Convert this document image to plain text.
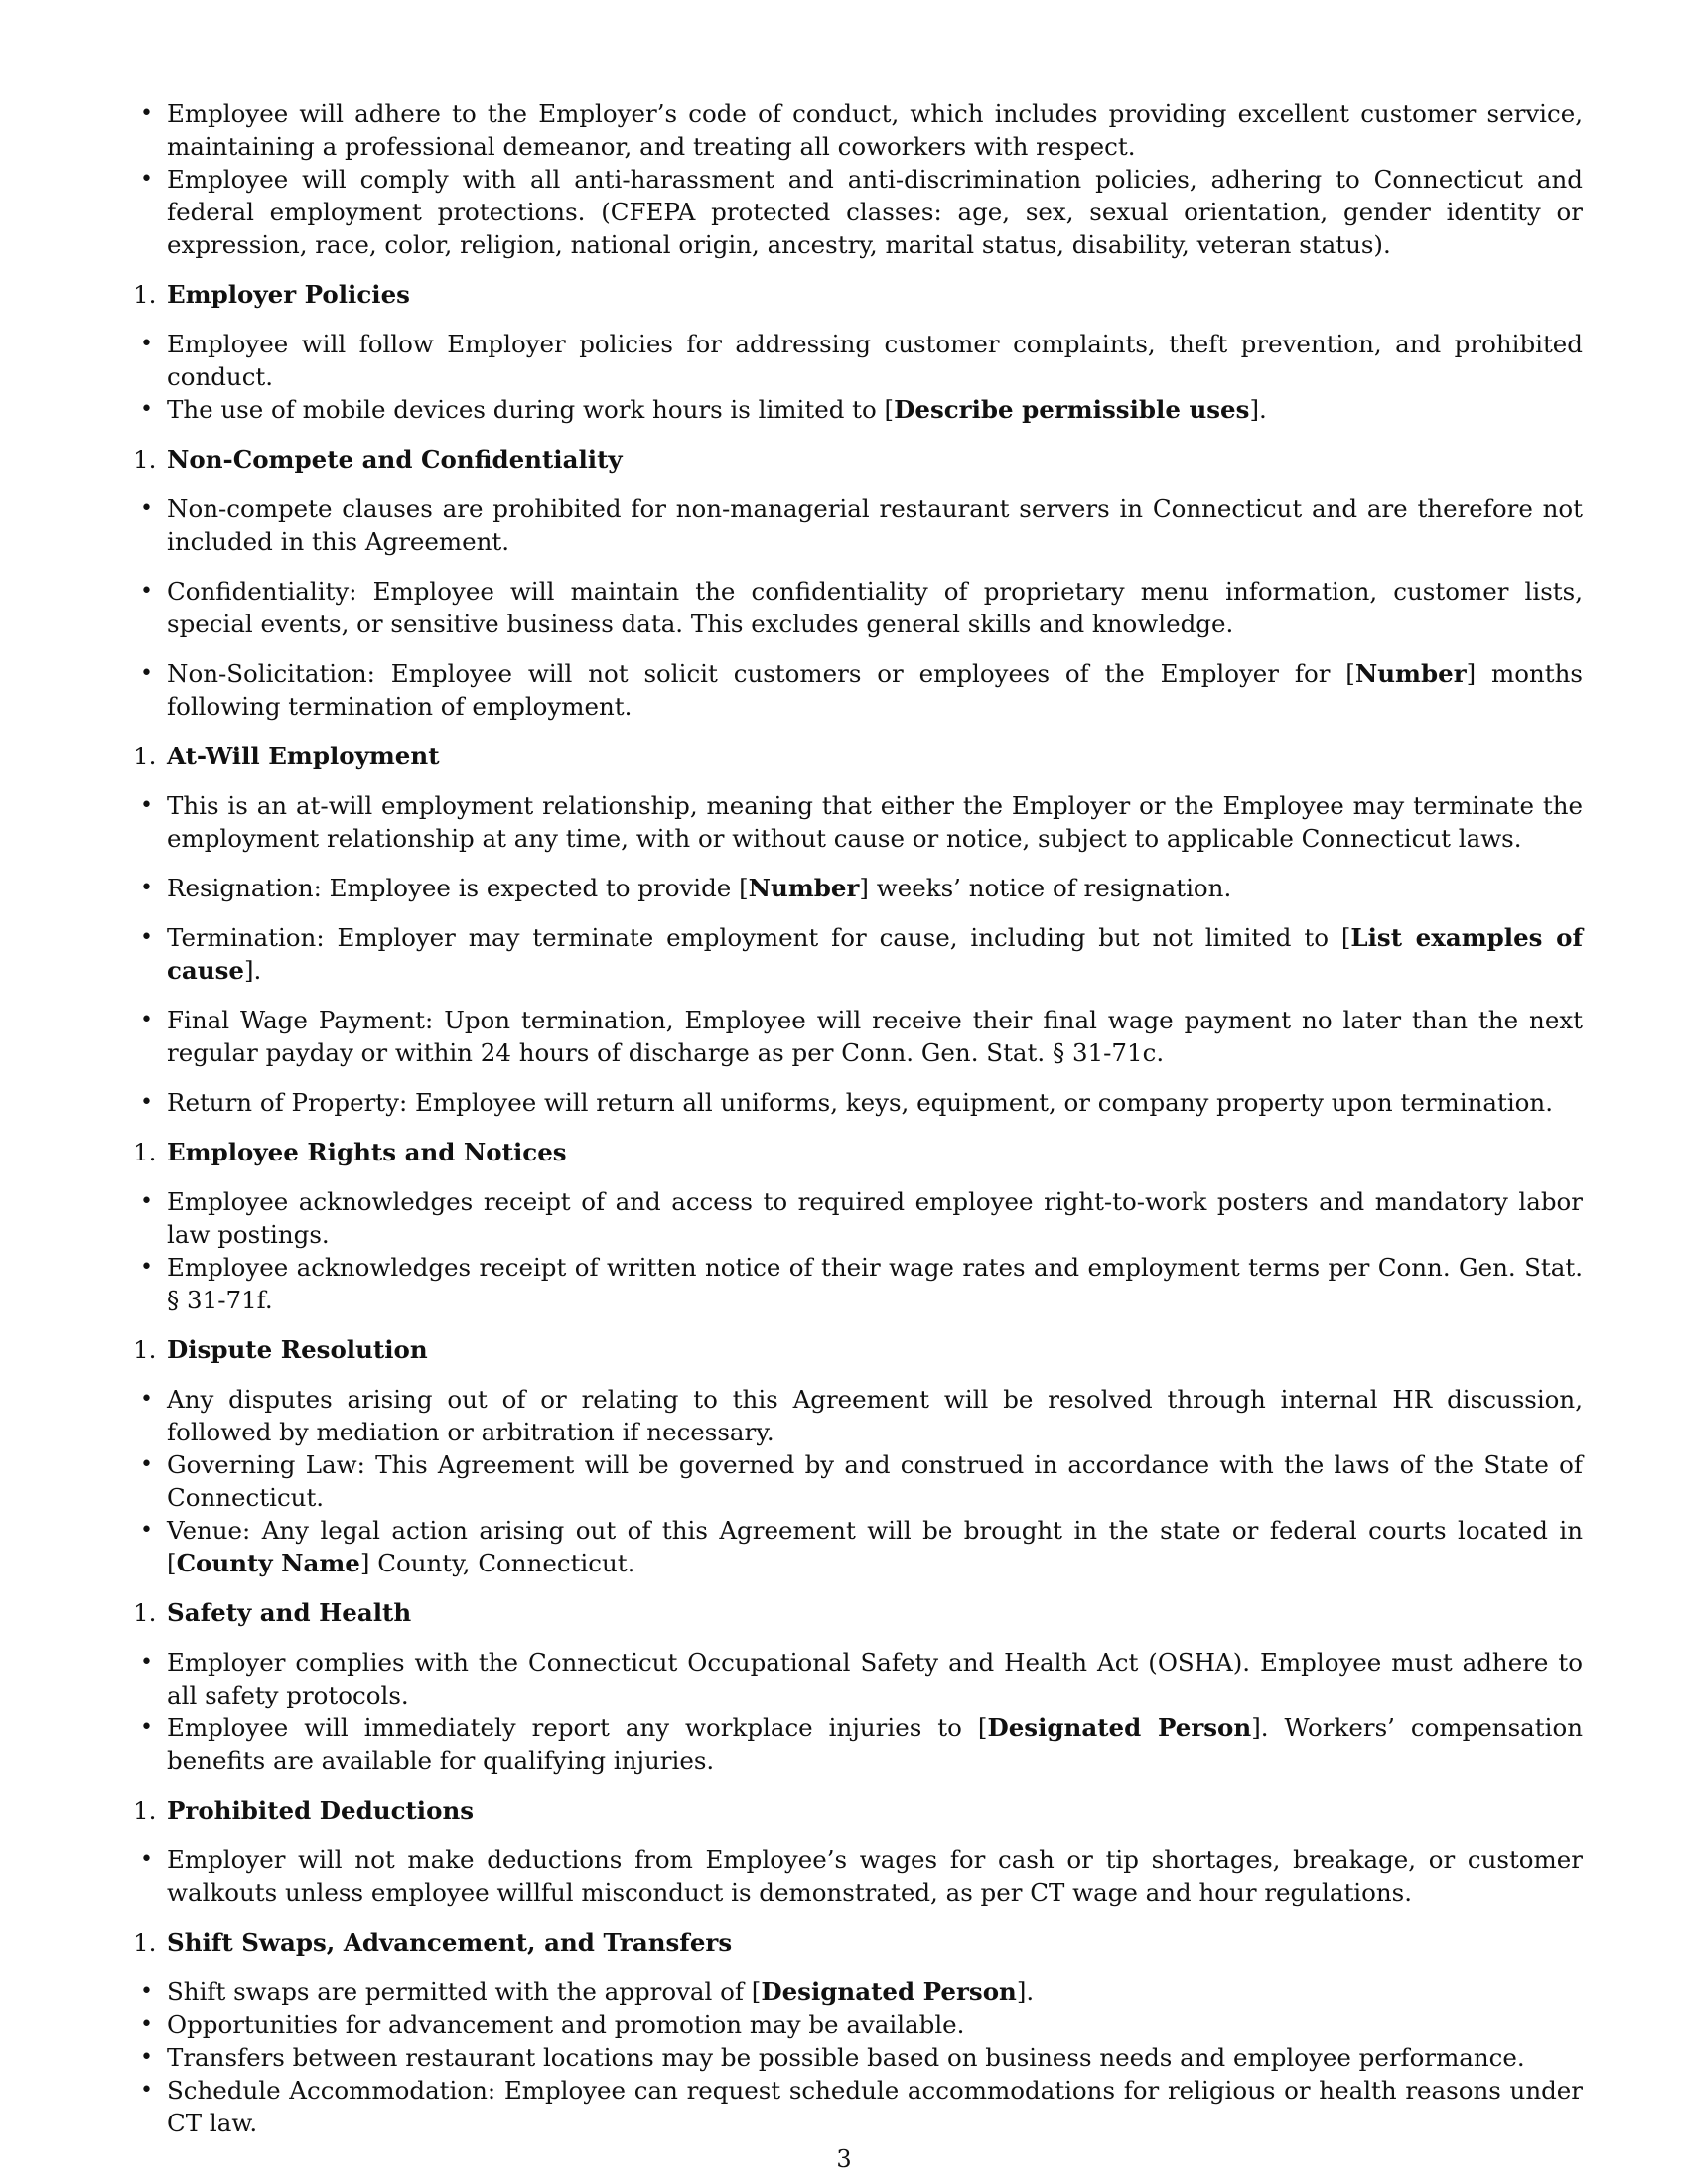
• Employee will adhere to the Employer’s code of conduct, which includes providing excellent customer service, maintaining a professional demeanor, and treating all coworkers with respect.
• Employee will comply with all anti-harassment and anti-discrimination policies, adhering to Connecticut and federal employment protections. (CFEPA protected classes: age, sex, sexual orientation, gender identity or expression, race, color, religion, national origin, ancestry, marital status, disability, veteran status).
1. Employer Policies
• Employee will follow Employer policies for addressing customer complaints, theft prevention, and prohibited conduct.
• The use of mobile devices during work hours is limited to [Describe permissible uses].
1. Non-Compete and Confidentiality
• Non-compete clauses are prohibited for non-managerial restaurant servers in Connecticut and are therefore not included in this Agreement.
• Confidentiality: Employee will maintain the confidentiality of proprietary menu information, customer lists, special events, or sensitive business data. This excludes general skills and knowledge.
• Non-Solicitation: Employee will not solicit customers or employees of the Employer for [Number] months following termination of employment.
1. At-Will Employment
• This is an at-will employment relationship, meaning that either the Employer or the Employee may terminate the employment relationship at any time, with or without cause or notice, subject to applicable Connecticut laws.
• Resignation: Employee is expected to provide [Number] weeks’ notice of resignation.
• Termination: Employer may terminate employment for cause, including but not limited to [List examples of cause].
• Final Wage Payment: Upon termination, Employee will receive their final wage payment no later than the next regular payday or within 24 hours of discharge as per Conn. Gen. Stat. § 31-71c.
• Return of Property: Employee will return all uniforms, keys, equipment, or company property upon termination.
1. Employee Rights and Notices
• Employee acknowledges receipt of and access to required employee right-to-work posters and mandatory labor law postings.
• Employee acknowledges receipt of written notice of their wage rates and employment terms per Conn. Gen. Stat. § 31-71f.
1. Dispute Resolution
• Any disputes arising out of or relating to this Agreement will be resolved through internal HR discussion, followed by mediation or arbitration if necessary.
• Governing Law: This Agreement will be governed by and construed in accordance with the laws of the State of Connecticut.
• Venue: Any legal action arising out of this Agreement will be brought in the state or federal courts located in [County Name] County, Connecticut.
1. Safety and Health
• Employer complies with the Connecticut Occupational Safety and Health Act (OSHA). Employee must adhere to all safety protocols.
• Employee will immediately report any workplace injuries to [Designated Person]. Workers’ compensation benefits are available for qualifying injuries.
1. Prohibited Deductions
• Employer will not make deductions from Employee’s wages for cash or tip shortages, breakage, or customer walkouts unless employee willful misconduct is demonstrated, as per CT wage and hour regulations.
1. Shift Swaps, Advancement, and Transfers
• Shift swaps are permitted with the approval of [Designated Person].
• Opportunities for advancement and promotion may be available.
• Transfers between restaurant locations may be possible based on business needs and employee performance.
• Schedule Accommodation: Employee can request schedule accommodations for religious or health reasons under CT law.
3
